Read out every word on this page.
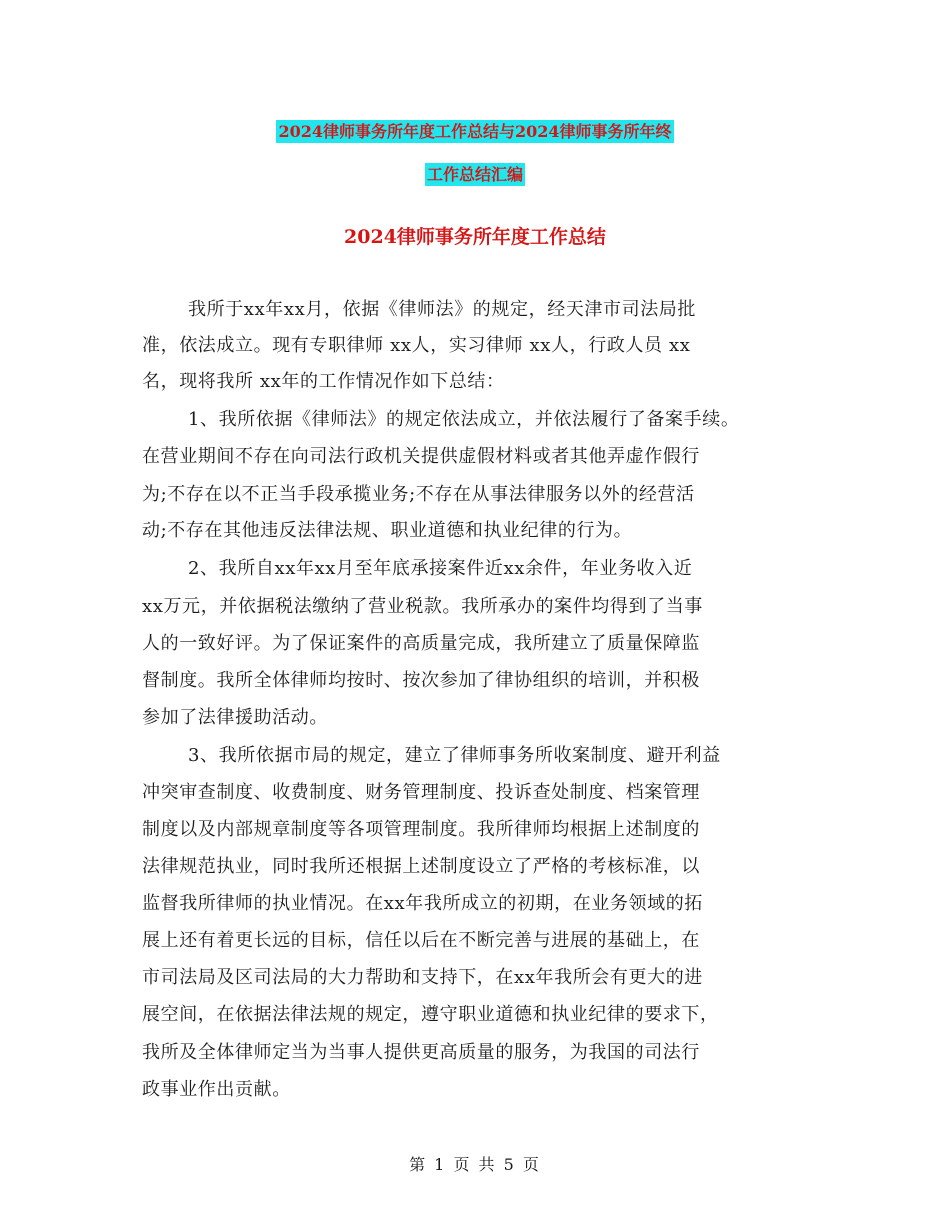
2024律师事务所年度工作总结与2024律师事务所年终
工作总结汇编
2024律师事务所年度工作总结
我所于xx年xx月，依据《律师法》的规定，经天津市司法局批
准，依法成立。现有专职律师 xx人，实习律师 xx人，行政人员 xx
名，现将我所 xx年的工作情况作如下总结：
1、我所依据《律师法》的规定依法成立，并依法履行了备案手续。
在营业期间不存在向司法行政机关提供虚假材料或者其他弄虚作假行
为;不存在以不正当手段承揽业务;不存在从事法律服务以外的经营活
动;不存在其他违反法律法规、职业道德和执业纪律的行为。
2、我所自xx年xx月至年底承接案件近xx余件，年业务收入近
xx万元，并依据税法缴纳了营业税款。我所承办的案件均得到了当事
人的一致好评。为了保证案件的高质量完成，我所建立了质量保障监
督制度。我所全体律师均按时、按次参加了律协组织的培训，并积极
参加了法律援助活动。
3、我所依据市局的规定，建立了律师事务所收案制度、避开利益
冲突审查制度、收费制度、财务管理制度、投诉查处制度、档案管理
制度以及内部规章制度等各项管理制度。我所律师均根据上述制度的
法律规范执业，同时我所还根据上述制度设立了严格的考核标准，以
监督我所律师的执业情况。在xx年我所成立的初期，在业务领域的拓
展上还有着更长远的目标，信任以后在不断完善与进展的基础上，在
市司法局及区司法局的大力帮助和支持下，在xx年我所会有更大的进
展空间，在依据法律法规的规定，遵守职业道德和执业纪律的要求下，
我所及全体律师定当为当事人提供更高质量的服务，为我国的司法行
政事业作出贡献。
第 1 页 共 5 页
